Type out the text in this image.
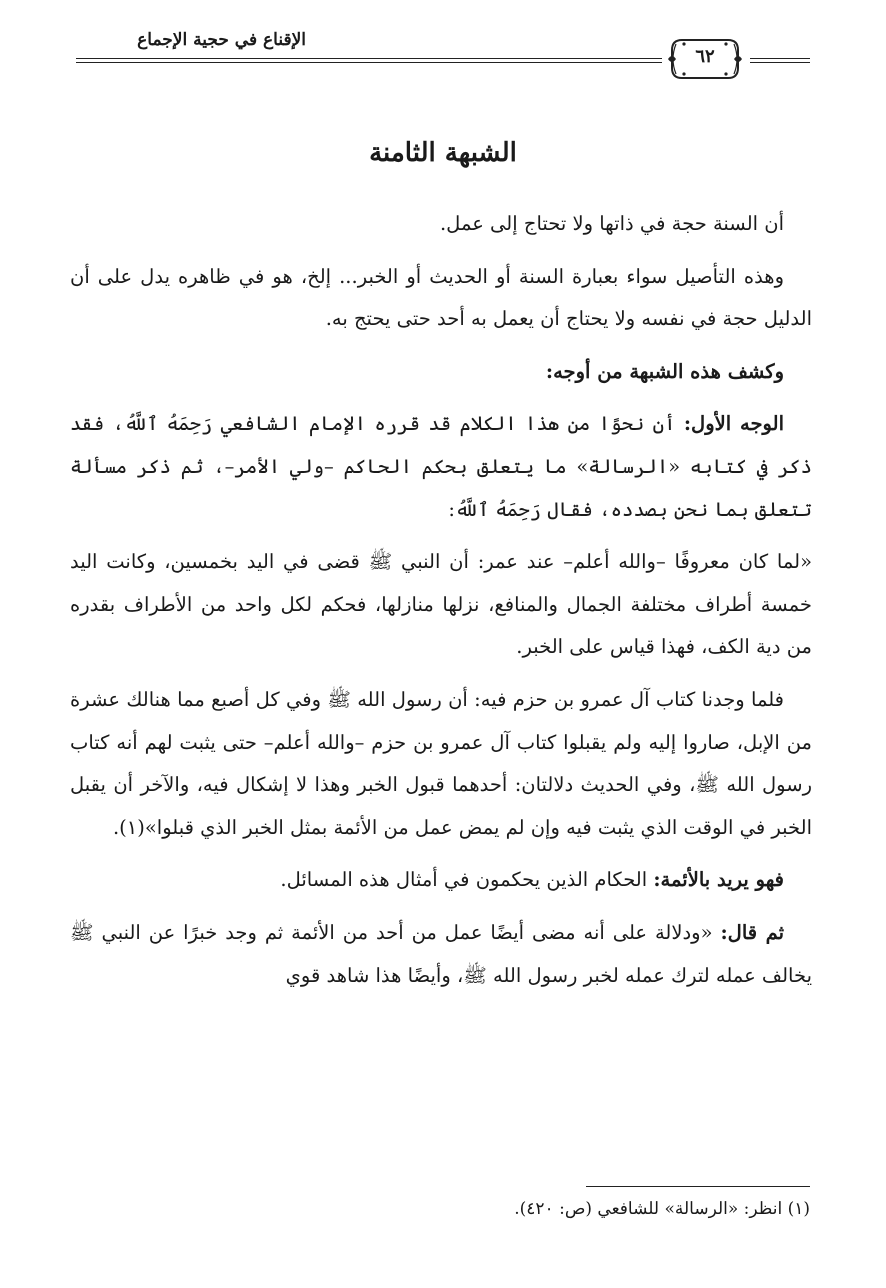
الإقناع في حجية الإجماع
٦٢
الشبهة الثامنة

أن السنة حجة في ذاتها ولا تحتاج إلى عمل.

وهذه التأصيل سواء بعبارة السنة أو الحديث أو الخبر... إلخ، هو في ظاهره يدل على أن الدليل حجة في نفسه ولا يحتاج أن يعمل به أحد حتى يحتج به.

وكشف هذه الشبهة من أوجه:

الوجه الأول: أن نحوًا من هذا الكلام قد قرره الإمام الشافعي رَحِمَهُ ٱللَّهُ، فقد ذكر في كتابه «الرسالة» ما يتعلق بحكم الحاكم –ولي الأمر–، ثم ذكر مسألة تتعلق بما نحن بصدده، فقال رَحِمَهُ ٱللَّهُ:

«لما كان معروفًا –والله أعلم– عند عمر: أن النبي ﷺ قضى في اليد بخمسين، وكانت اليد خمسة أطراف مختلفة الجمال والمنافع، نزلها منازلها، فحكم لكل واحد من الأطراف بقدره من دية الكف، فهذا قياس على الخبر.

فلما وجدنا كتاب آل عمرو بن حزم فيه: أن رسول الله ﷺ وفي كل أصبع مما هنالك عشرة من الإبل، صاروا إليه ولم يقبلوا كتاب آل عمرو بن حزم –والله أعلم– حتى يثبت لهم أنه كتاب رسول الله ﷺ، وفي الحديث دلالتان: أحدهما قبول الخبر وهذا لا إشكال فيه، والآخر أن يقبل الخبر في الوقت الذي يثبت فيه وإن لم يمض عمل من الأئمة بمثل الخبر الذي قبلوا»(١).

فهو يريد بالأئمة: الحكام الذين يحكمون في أمثال هذه المسائل.

ثم قال: «ودلالة على أنه مضى أيضًا عمل من أحد من الأئمة ثم وجد خبرًا عن النبي ﷺ يخالف عمله لترك عمله لخبر رسول الله ﷺ، وأيضًا هذا شاهد قوي

(١) انظر: «الرسالة» للشافعي (ص: ٤٢٠).
